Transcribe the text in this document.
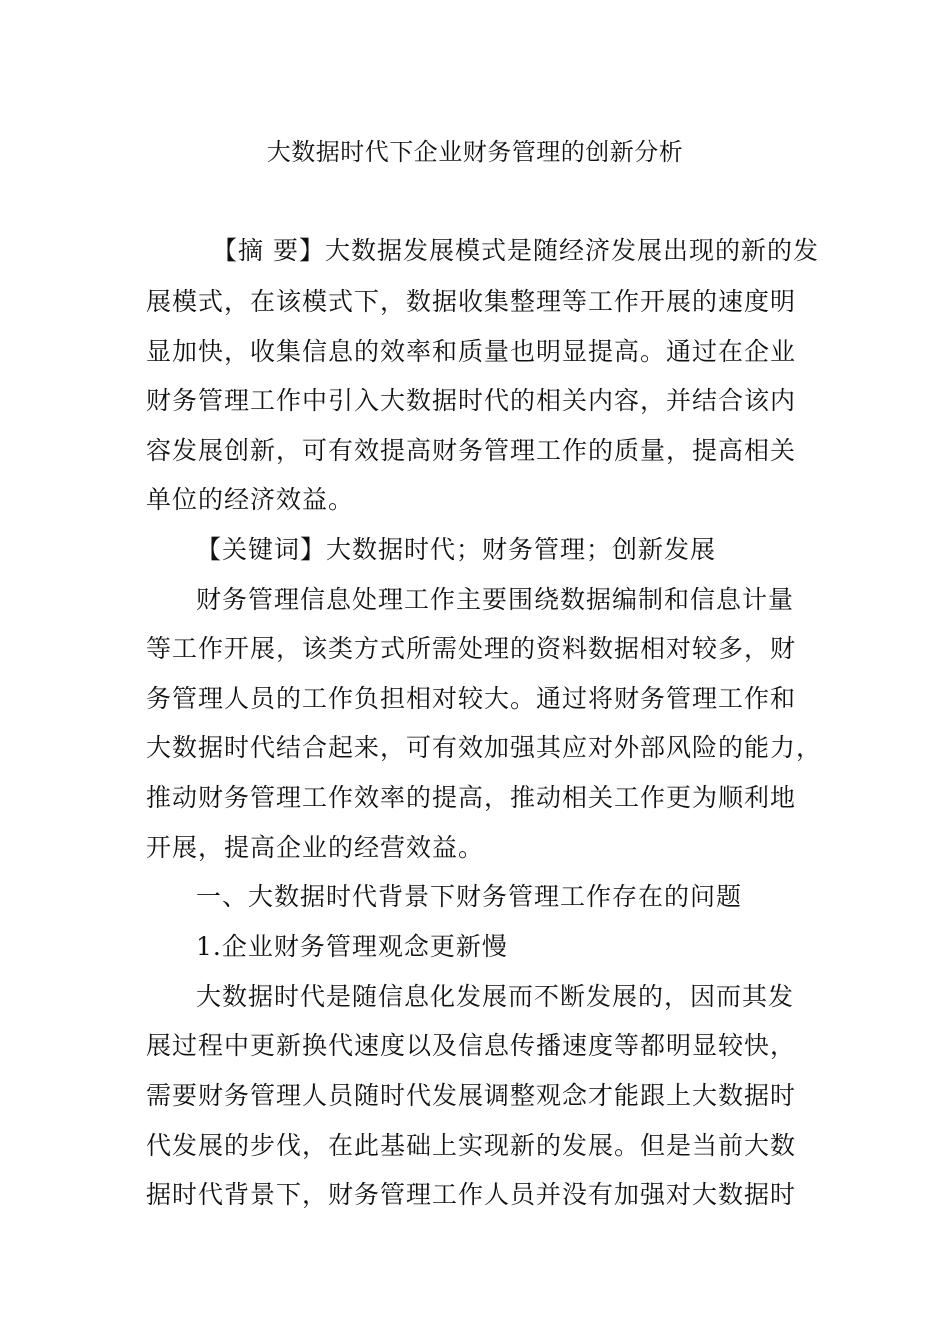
大数据时代下企业财务管理的创新分析
【摘 要】大数据发展模式是随经济发展出现的新的发
展模式，在该模式下，数据收集整理等工作开展的速度明
显加快，收集信息的效率和质量也明显提高。通过在企业
财务管理工作中引入大数据时代的相关内容，并结合该内
容发展创新，可有效提高财务管理工作的质量，提高相关
单位的经济效益。
【关键词】大数据时代；财务管理；创新发展
财务管理信息处理工作主要围绕数据编制和信息计量
等工作开展，该类方式所需处理的资料数据相对较多，财
务管理人员的工作负担相对较大。通过将财务管理工作和
大数据时代结合起来，可有效加强其应对外部风险的能力，
推动财务管理工作效率的提高，推动相关工作更为顺利地
开展，提高企业的经营效益。
一、大数据时代背景下财务管理工作存在的问题
1.企业财务管理观念更新慢
大数据时代是随信息化发展而不断发展的，因而其发
展过程中更新换代速度以及信息传播速度等都明显较快，
需要财务管理人员随时代发展调整观念才能跟上大数据时
代发展的步伐，在此基础上实现新的发展。但是当前大数
据时代背景下，财务管理工作人员并没有加强对大数据时
